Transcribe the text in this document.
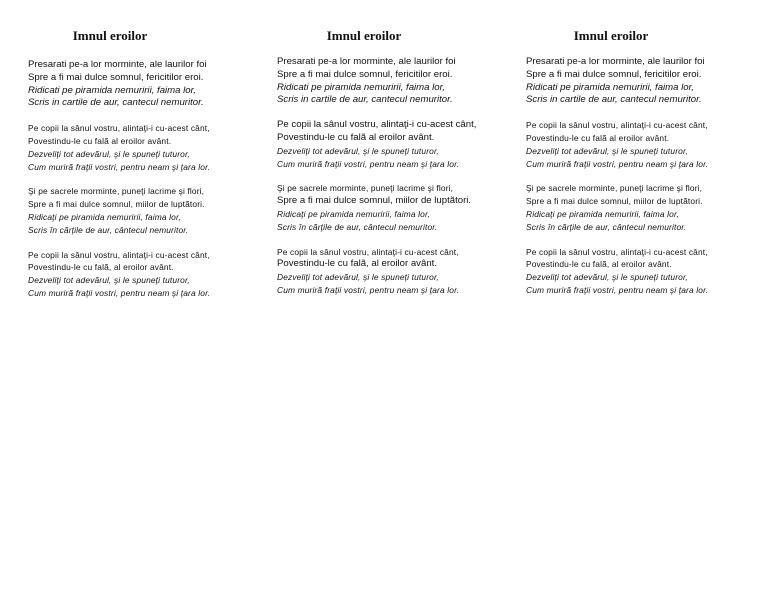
Imnul eroilor
Presarati pe-a lor morminte, ale laurilor foi
Spre a fi mai dulce somnul, fericitilor eroi.
Ridicati pe piramida nemuririi, faima lor,
Scris in cartile de aur, cantecul nemuritor.
Pe copii la sânul vostru, alintaţi-i cu-acest cânt,
Povestindu-le cu falã al eroilor avânt.
Dezveliţi tot adevãrul, şi le spuneţi tuturor,
Cum murirã fraţii vostri, pentru neam şi ţara lor.
Şi pe sacrele morminte, puneţi lacrime şi flori,
Spre a fi mai dulce somnul, miilor de luptãtori.
Ridicaţi pe piramida nemuririi, faima lor,
Scris în cãrţile de aur, cântecul nemuritor.
Pe copii la sânul vostru, alintaţi-i cu-acest cânt,
Povestindu-le cu falã, al eroilor avânt.
Dezveliţi tot adevãrul, şi le spuneţi tuturor,
Cum murirã fraţii vostri, pentru neam şi ţara lor.
Imnul eroilor
Presarati pe-a lor morminte, ale laurilor foi
Spre a fi mai dulce somnul, fericitilor eroi.
Ridicati pe piramida nemuririi, faima lor,
Scris in cartile de aur, cantecul nemuritor.
Pe copii la sânul vostru, alintaţi-i cu-acest cânt,
Povestindu-le cu falã al eroilor avânt.
Dezveliţi tot adevãrul, şi le spuneţi tuturor,
Cum murirã fraţii vostri, pentru neam şi ţara lor.
Şi pe sacrele morminte, puneţi lacrime şi flori,
Spre a fi mai dulce somnul, miilor de luptãtori.
Ridicaţi pe piramida nemuririi, faima lor,
Scris în cãrţile de aur, cântecul nemuritor.
Pe copii la sânul vostru, alintaţi-i cu-acest cânt,
Povestindu-le cu falã, al eroilor avânt.
Dezveliţi tot adevãrul, şi le spuneţi tuturor,
Cum murirã fraţii vostri, pentru neam şi ţara lor.
Imnul eroilor
Presarati pe-a lor morminte, ale laurilor foi
Spre a fi mai dulce somnul, fericitilor eroi.
Ridicati pe piramida nemuririi, faima lor,
Scris in cartile de aur, cantecul nemuritor.
Pe copii la sânul vostru, alintaţi-i cu-acest cânt,
Povestindu-le cu falã al eroilor avânt.
Dezveliţi tot adevãrul, şi le spuneţi tuturor,
Cum murirã fraţii vostri, pentru neam şi ţara lor.
Şi pe sacrele morminte, puneţi lacrime şi flori,
Spre a fi mai dulce somnul, miilor de luptãtori.
Ridicaţi pe piramida nemuririi, faima lor,
Scris în cãrţile de aur, cântecul nemuritor.
Pe copii la sânul vostru, alintaţi-i cu-acest cânt,
Povestindu-le cu falã, al eroilor avânt.
Dezveliţi tot adevãrul, şi le spuneţi tuturor,
Cum murirã fraţii vostri, pentru neam şi ţara lor.
